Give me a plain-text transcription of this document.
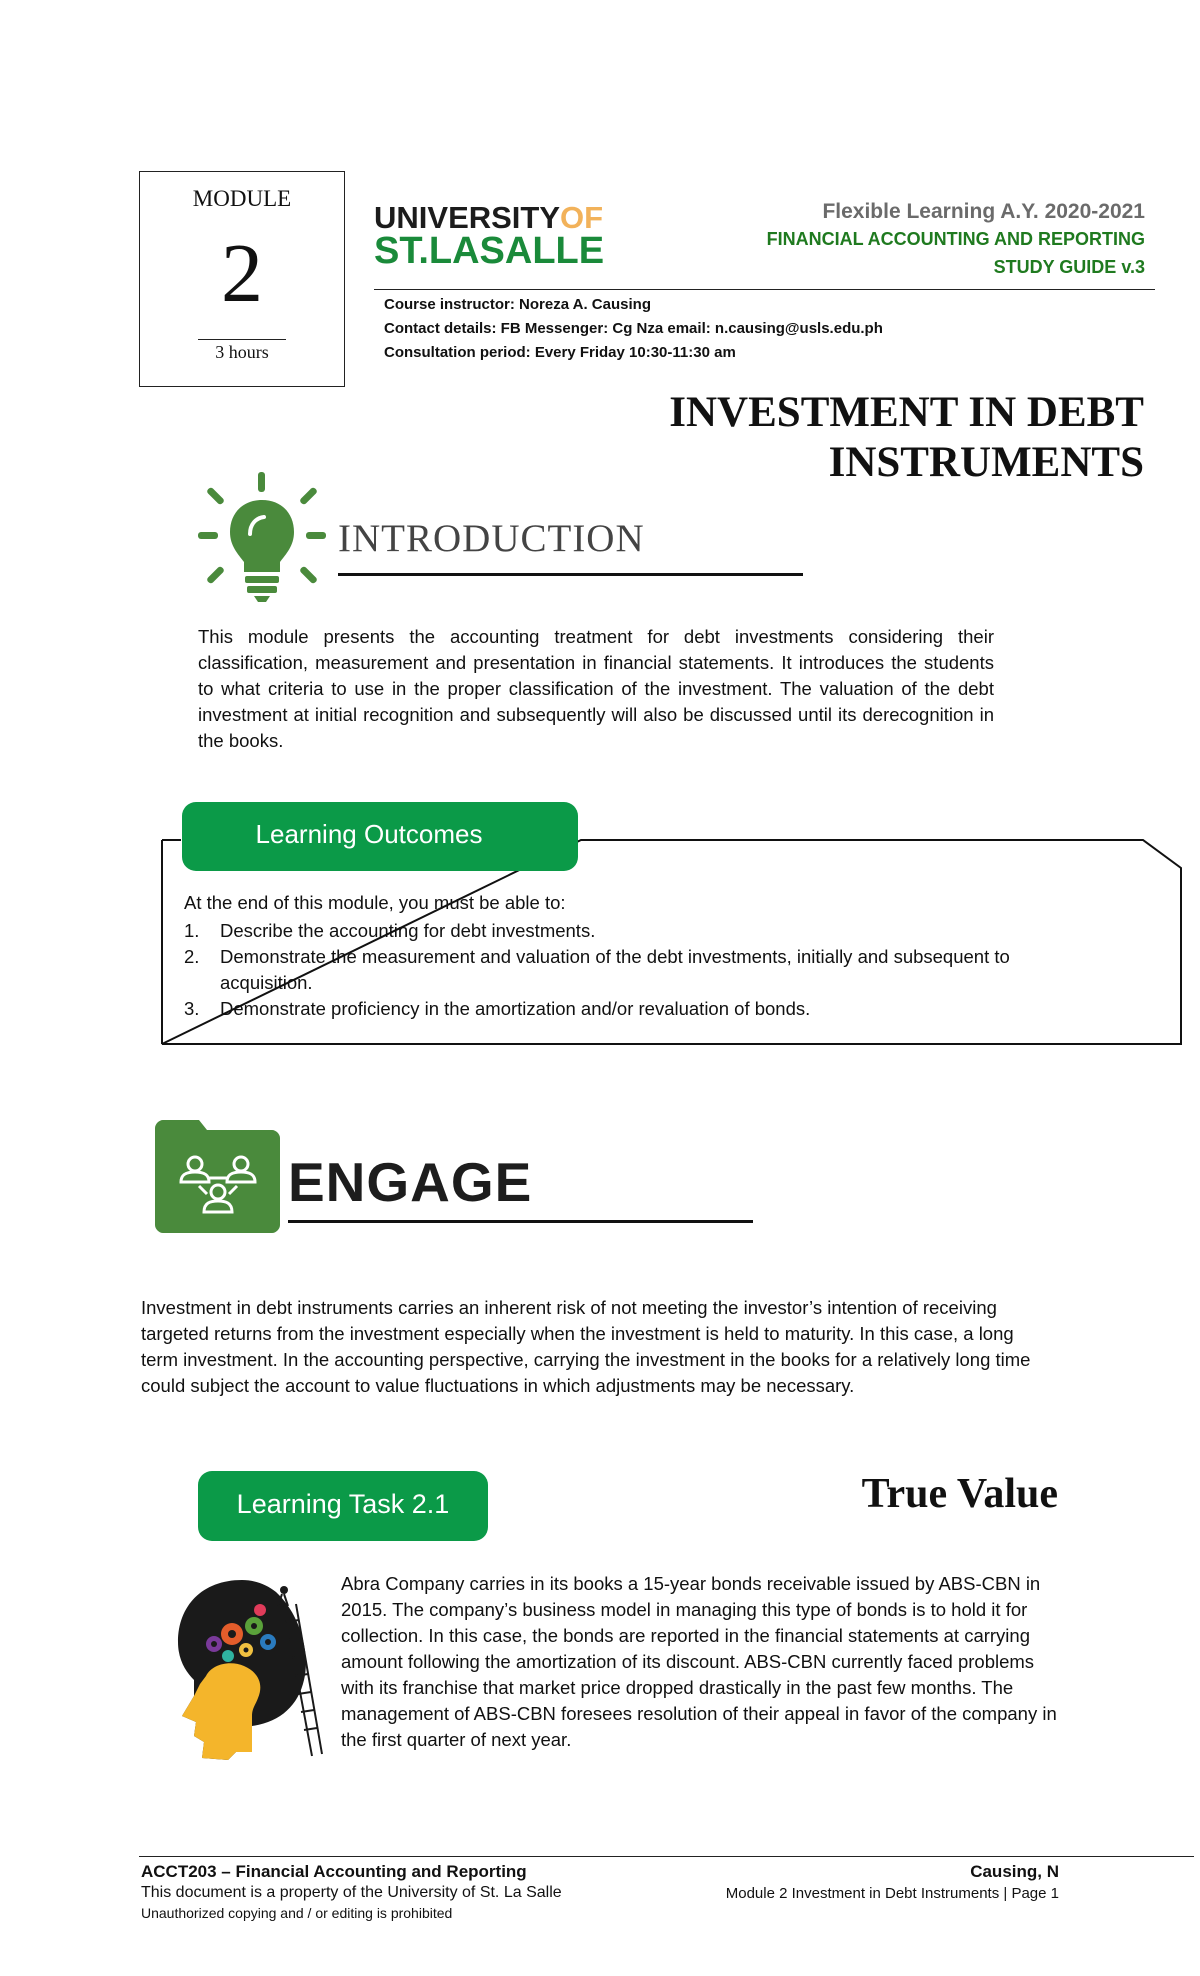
MODULE
2
3 hours
UNIVERSITYOF
ST.LASALLE
Flexible Learning A.Y. 2020-2021
FINANCIAL ACCOUNTING AND REPORTING
STUDY GUIDE v.3
Course instructor: Noreza A. Causing
Contact details: FB Messenger: Cg Nza email: n.causing@usls.edu.ph
Consultation period: Every Friday 10:30-11:30 am
INVESTMENT IN DEBT
INSTRUMENTS
INTRODUCTION
This module presents the accounting treatment for debt investments considering their classification, measurement and presentation in financial statements. It introduces the students to what criteria to use in the proper classification of the investment. The valuation of the debt investment at initial recognition and subsequently will also be discussed until its derecognition in the books.
Learning Outcomes
At the end of this module, you must be able to:
1. Describe the accounting for debt investments.
2. Demonstrate the measurement and valuation of the debt investments, initially and subsequent to acquisition.
3. Demonstrate proficiency in the amortization and/or revaluation of bonds.
ENGAGE
Investment in debt instruments carries an inherent risk of not meeting the investor’s intention of receiving targeted returns from the investment especially when the investment is held to maturity. In this case, a long term investment. In the accounting perspective, carrying the investment in the books for a relatively long time could subject the account to value fluctuations in which adjustments may be necessary.
Learning Task 2.1	True Value
Abra Company carries in its books a 15-year bonds receivable issued by ABS-CBN in 2015. The company’s business model in managing this type of bonds is to hold it for collection. In this case, the bonds are reported in the financial statements at carrying amount following the amortization of its discount. ABS-CBN currently faced problems with its franchise that market price dropped drastically in the past few months. The management of ABS-CBN foresees resolution of their appeal in favor of the company in the first quarter of next year.
ACCT203 – Financial Accounting and Reporting
This document is a property of the University of St. La Salle
Unauthorized copying and / or editing is prohibited
Causing, N
Module 2 Investment in Debt Instruments | Page 1
